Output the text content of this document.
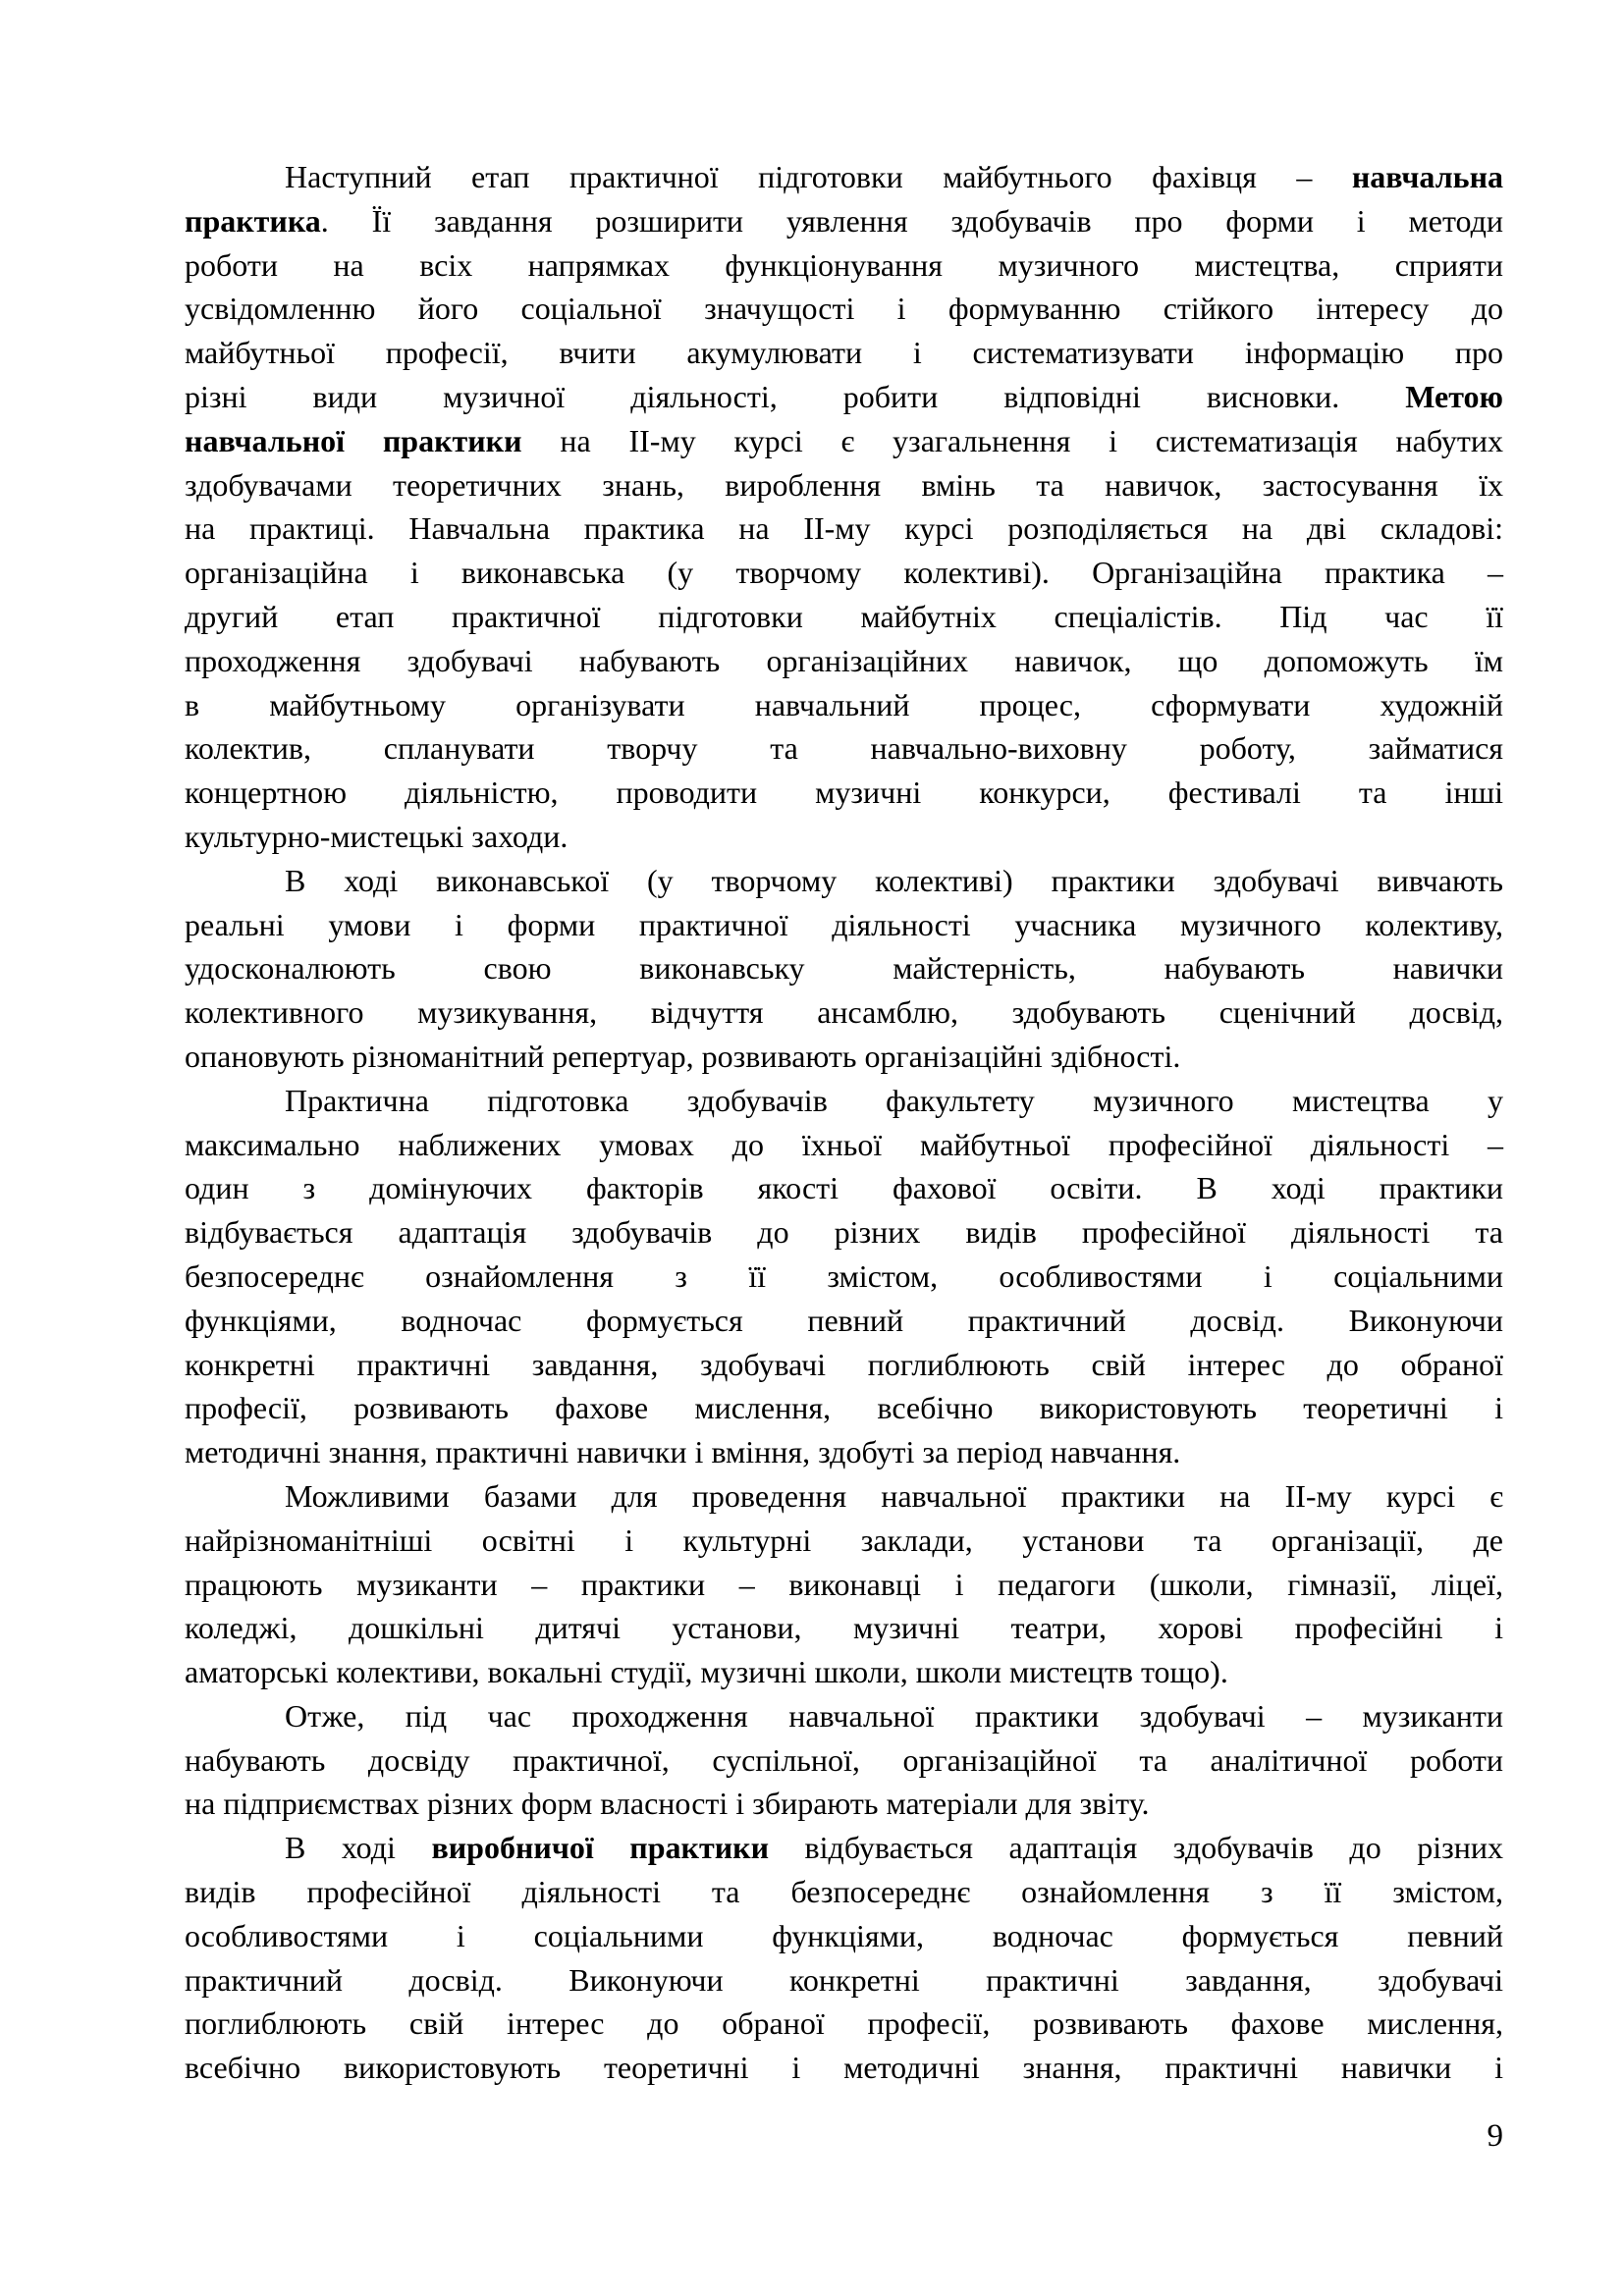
Наступний етап практичної підготовки майбутнього фахівця – навчальна
практика. Її завдання розширити уявлення здобувачів про форми і методи
роботи на всіх напрямках функціонування музичного мистецтва, сприяти
усвідомленню його соціальної значущості і формуванню стійкого інтересу до
майбутньої професії, вчити акумулювати і систематизувати інформацію про
різні види музичної діяльності, робити відповідні висновки. Метою
навчальної практики на ІІ-му курсі є узагальнення і систематизація набутих
здобувачами теоретичних знань, вироблення вмінь та навичок, застосування їх
на практиці. Навчальна практика на ІІ-му курсі розподіляється на дві складові:
організаційна і виконавська (у творчому колективі). Організаційна практика –
другий етап практичної підготовки майбутніх спеціалістів. Під час її
проходження здобувачі набувають організаційних навичок, що допоможуть їм
в майбутньому організувати навчальний процес, сформувати художній
колектив, спланувати творчу та навчально-виховну роботу, займатися
концертною діяльністю, проводити музичні конкурси, фестивалі та інші
культурно-мистецькі заходи.
В ході виконавської (у творчому колективі) практики здобувачі вивчають
реальні умови і форми практичної діяльності учасника музичного колективу,
удосконалюють свою виконавську майстерність, набувають навички
колективного музикування, відчуття ансамблю, здобувають сценічний досвід,
опановують різноманітний репертуар, розвивають організаційні здібності.
Практична підготовка здобувачів факультету музичного мистецтва у
максимально наближених умовах до їхньої майбутньої професійної діяльності –
один з домінуючих факторів якості фахової освіти. В ході практики
відбувається адаптація здобувачів до різних видів професійної діяльності та
безпосереднє ознайомлення з її змістом, особливостями і соціальними
функціями, водночас формується певний практичний досвід. Виконуючи
конкретні практичні завдання, здобувачі поглиблюють свій інтерес до обраної
професії, розвивають фахове мислення, всебічно використовують теоретичні і
методичні знання, практичні навички і вміння, здобуті за період навчання.
Можливими базами для проведення навчальної практики на ІІ-му курсі є
найрізноманітніші освітні і культурні заклади, установи та організації, де
працюють музиканти – практики – виконавці і педагоги (школи, гімназії, ліцеї,
коледжі, дошкільні дитячі установи, музичні театри, хорові професійні і
аматорські колективи, вокальні студії, музичні школи, школи мистецтв тощо).
Отже, під час проходження навчальної практики здобувачі – музиканти
набувають досвіду практичної, суспільної, організаційної та аналітичної роботи
на підприємствах різних форм власності і збирають матеріали для звіту.
В ході виробничої практики відбувається адаптація здобувачів до різних
видів професійної діяльності та безпосереднє ознайомлення з її змістом,
особливостями і соціальними функціями, водночас формується певний
практичний досвід. Виконуючи конкретні практичні завдання, здобувачі
поглиблюють свій інтерес до обраної професії, розвивають фахове мислення,
всебічно використовують теоретичні і методичні знання, практичні навички і
9
